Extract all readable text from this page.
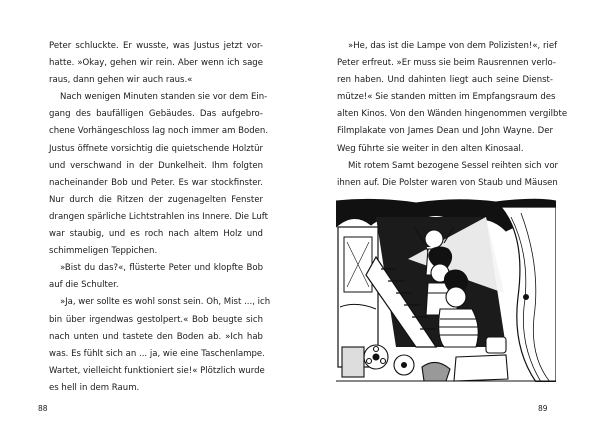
Peter schluckte. Er wusste, was Justus jetzt vor-
hatte. »Okay, gehen wir rein. Aber wenn ich sage
raus, dann gehen wir auch raus.«
Nach wenigen Minuten standen sie vor dem Ein-
gang des baufälligen Gebäudes. Das aufgebro-
chene Vorhängeschloss lag noch immer am Boden.
Justus öffnete vorsichtig die quietschende Holztür
und verschwand in der Dunkelheit. Ihm folgten
nacheinander Bob und Peter. Es war stockfinster.
Nur durch die Ritzen der zugenagelten Fenster
drangen spärliche Lichtstrahlen ins Innere. Die Luft
war staubig, und es roch nach altem Holz und
schimmeligen Teppichen.
»Bist du das?«, flüsterte Peter und klopfte Bob
auf die Schulter.
»Ja, wer sollte es wohl sonst sein. Oh, Mist ..., ich
bin über irgendwas gestolpert.« Bob beugte sich
nach unten und tastete den Boden ab. »Ich hab
was. Es fühlt sich an ... ja, wie eine Taschenlampe.
Wartet, vielleicht funktioniert sie!« Plötzlich wurde
es hell in dem Raum.
88
»He, das ist die Lampe von dem Polizisten!«, rief
Peter erfreut. »Er muss sie beim Rausrennen verlo-
ren haben. Und dahinten liegt auch seine Dienst-
mütze!« Sie standen mitten im Empfangsraum des
alten Kinos. Von den Wänden hingenommen vergilbte
Filmplakate von James Dean und John Wayne. Der
Weg führte sie weiter in den alten Kinosaal.
Mit rotem Samt bezogene Sessel reihten sich vor
ihnen auf. Die Polster waren von Staub und Mäusen
89
